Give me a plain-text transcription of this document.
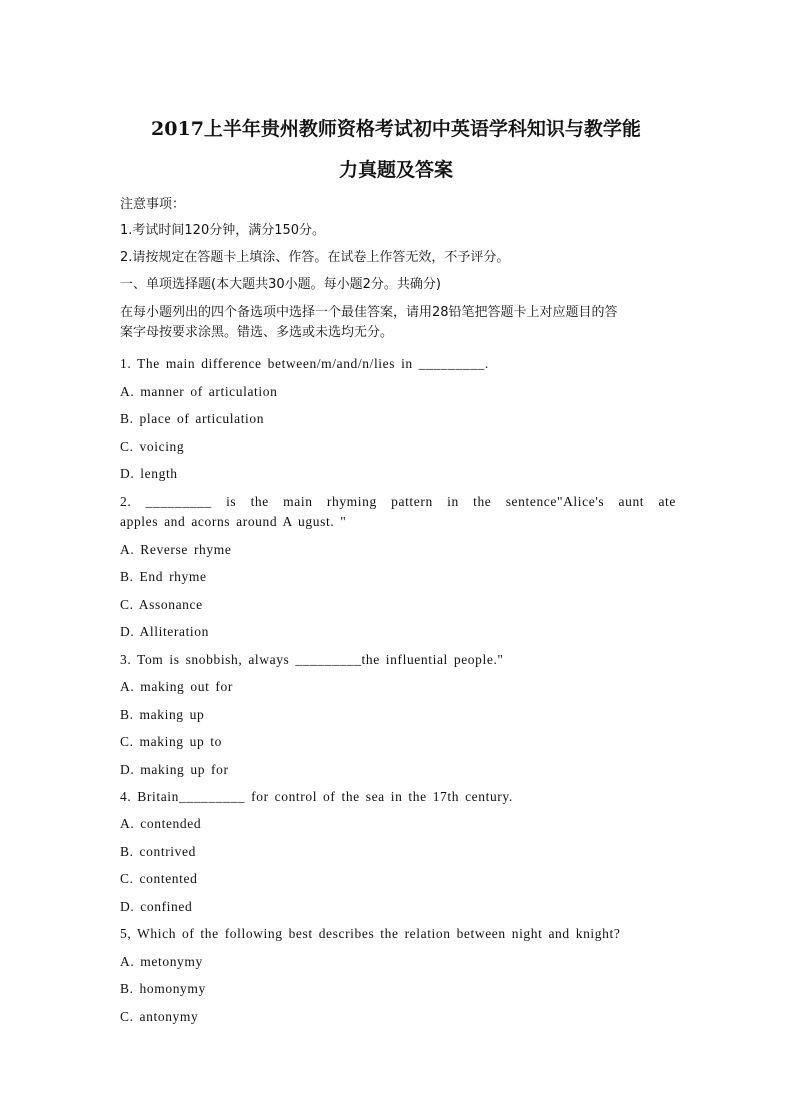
2017上半年贵州教师资格考试初中英语学科知识与教学能
力真题及答案
注意事项：
1.考试时间120分钟，满分150分。
2.请按规定在答题卡上填涂、作答。在试卷上作答无效，不予评分。
一、单项选择题(本大题共30小题。每小题2分。共确分)
在每小题列出的四个备选项中选择一个最佳答案，请用28铅笔把答题卡上对应题目的答
案字母按要求涂黑。错选、多选或未选均无分。
1. The main difference between/m/and/n/lies in _________.
A. manner of articulation
B. place of articulation
C. voicing
D. length
2. _________ is the main rhyming pattern in the sentence"Alice's aunt ate
apples and acorns around A ugust. "
A. Reverse rhyme
B. End rhyme
C. Assonance
D. Alliteration
3. Tom is snobbish, always _________the influential people."
A. making out for
B. making up
C. making up to
D. making up for
4. Britain_________ for control of the sea in the 17th century.
A. contended
B. contrived
C. contented
D. confined
5, Which of the following best describes the relation between night and knight?
A. metonymy
B. homonymy
C. antonymy
